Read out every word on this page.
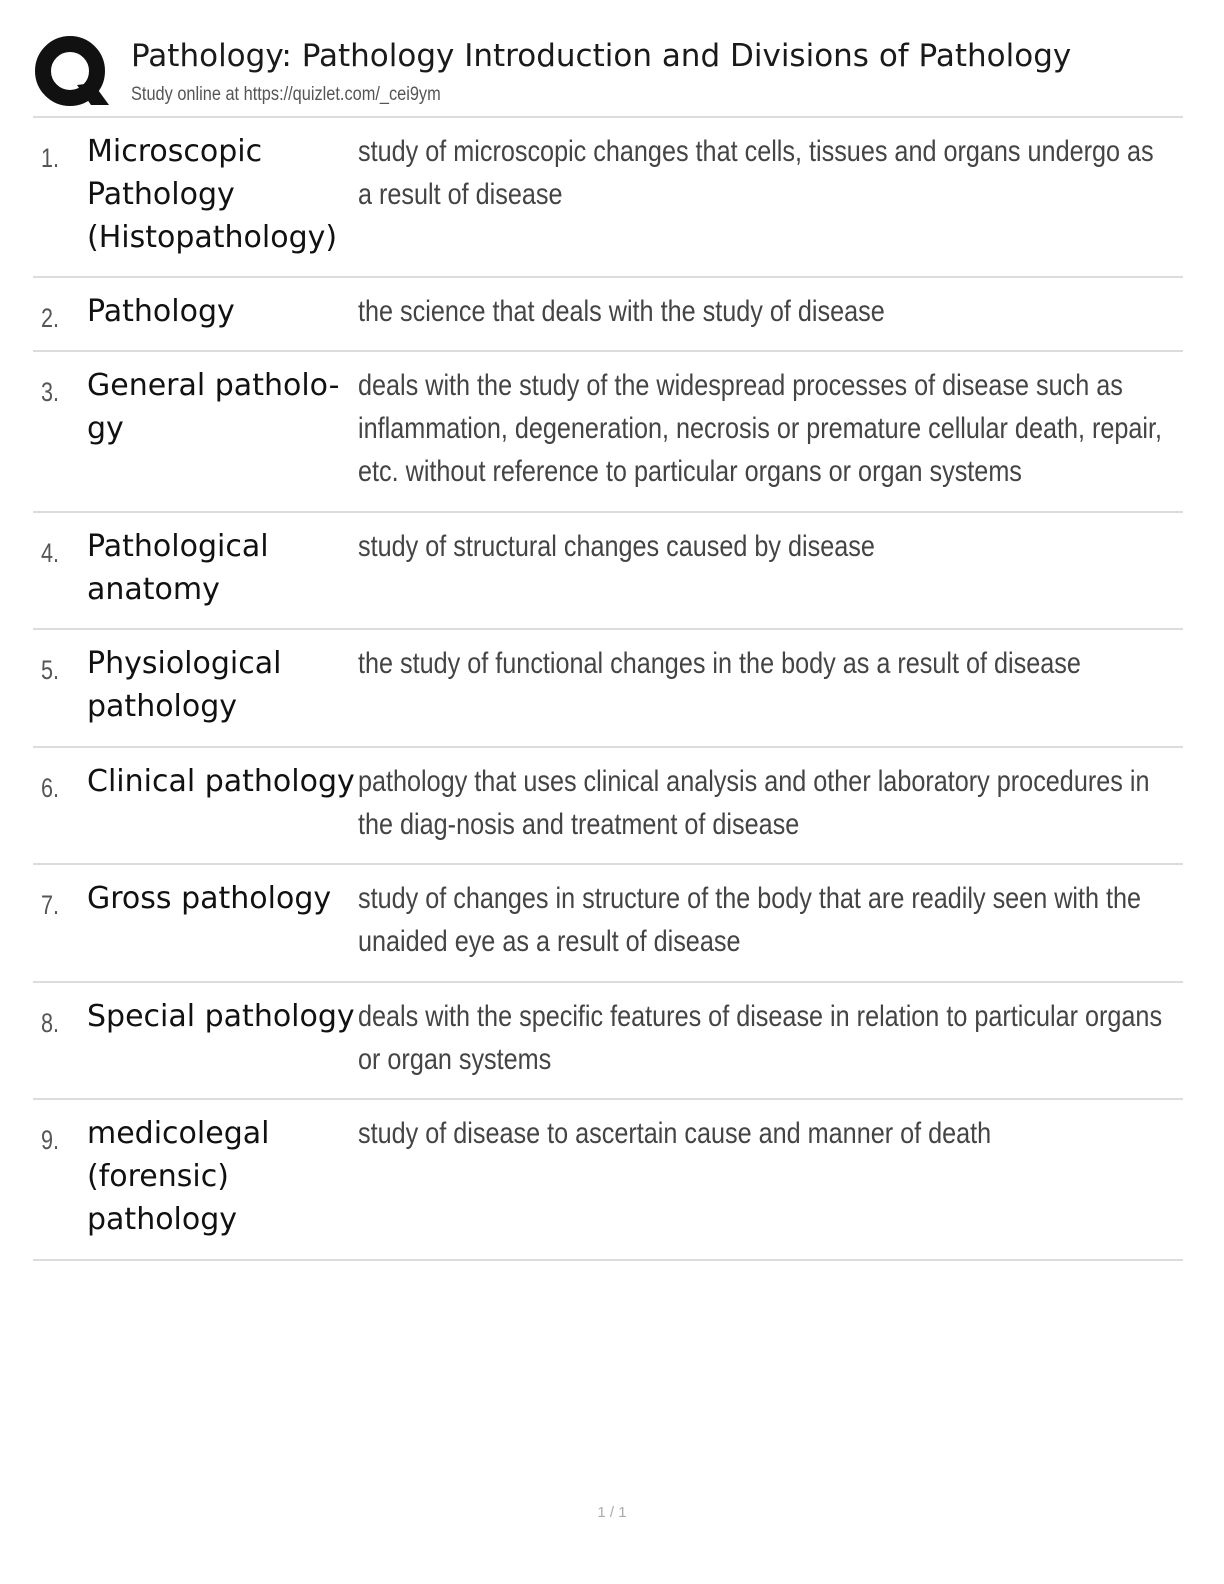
Pathology: Pathology Introduction and Divisions of Pathology
Study online at https://quizlet.com/_cei9ym
1. Microscopic Pathology (Histopathology)
study of microscopic changes that cells, tissues and organs undergo as a result of disease
2. Pathology	the science that deals with the study of disease
3. General patholo-gy
deals with the study of the widespread processes of disease such as inflammation, degeneration, necrosis or premature cellular death, repair, etc. without reference to particular organs or organ systems
4. Pathological anatomy
study of structural changes caused by disease
5. Physiological pathology
the study of functional changes in the body as a result of disease
6. Clinical pathology pathology that uses clinical analysis and other laboratory procedures in the diag-nosis and treatment of disease
7. Gross pathology study of changes in structure of the body that are readily seen with the unaided eye as a result of disease
8. Special pathology deals with the specific features of disease in relation to particular organs or organ systems
9. medicolegal (forensic) pathology
study of disease to ascertain cause and manner of death
1 / 1
